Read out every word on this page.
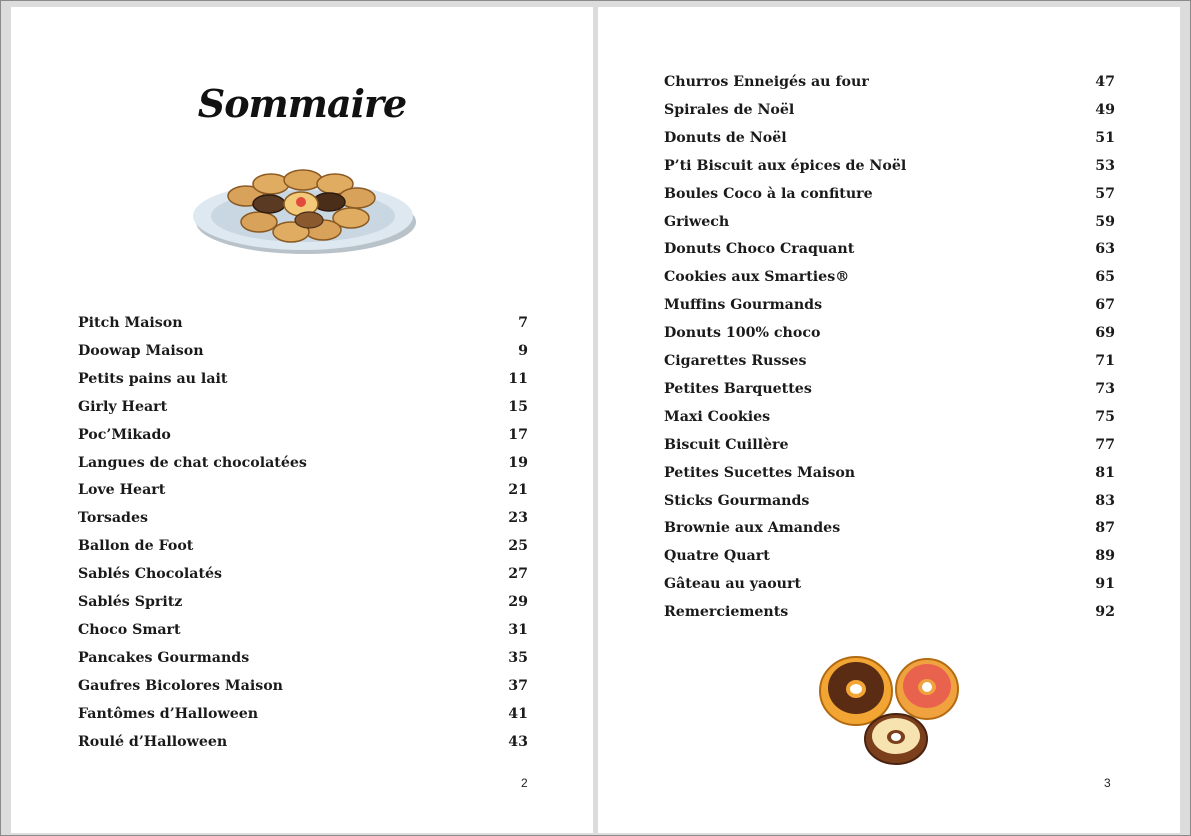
Sommaire
Pitch Maison	7
Doowap Maison	9
Petits pains au lait	11
Girly Heart	15
Poc’Mikado	17
Langues de chat chocolatées	19
Love Heart	21
Torsades	23
Ballon de Foot	25
Sablés Chocolatés	27
Sablés Spritz	29
Choco Smart	31
Pancakes Gourmands	35
Gaufres Bicolores Maison	37
Fantômes d’Halloween	41
Roulé d’Halloween	43
2
Churros Enneigés au four	47
Spirales de Noël	49
Donuts de Noël	51
P’ti Biscuit aux épices de Noël	53
Boules Coco à la confiture	57
Griwech	59
Donuts Choco Craquant	63
Cookies aux Smarties®	65
Muffins Gourmands	67
Donuts 100% choco	69
Cigarettes Russes	71
Petites Barquettes	73
Maxi Cookies	75
Biscuit Cuillère	77
Petites Sucettes Maison	81
Sticks Gourmands	83
Brownie aux Amandes	87
Quatre Quart	89
Gâteau au yaourt	91
Remerciements	92
3
